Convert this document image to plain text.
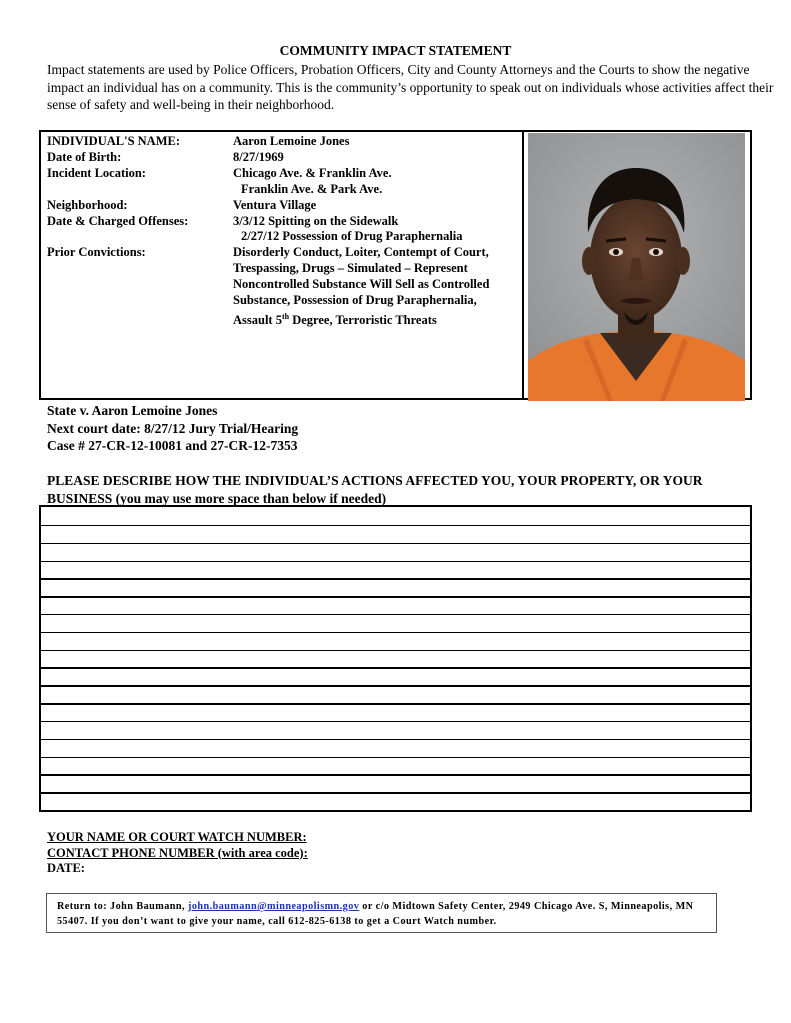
COMMUNITY IMPACT STATEMENT
Impact statements are used by Police Officers, Probation Officers, City and County Attorneys and the Courts to show the negative impact an individual has on a community. This is the community’s opportunity to speak out on individuals whose activities affect their sense of safety and well-being in their neighborhood.
INDIVIDUAL'S NAME:	Aaron Lemoine Jones
Date of Birth:	8/27/1969
Incident Location:	Chicago Ave. & Franklin Ave.
Franklin Ave. & Park Ave.

Neighborhood:	Ventura Village
Date & Charged Offenses:	3/3/12 Spitting on the Sidewalk
2/27/12 Possession of Drug Paraphernalia

Prior Convictions:	Disorderly Conduct, Loiter, Contempt of Court, Trespassing, Drugs – Simulated – Represent Noncontrolled Substance Will Sell as Controlled Substance, Possession of Drug Paraphernalia, Assault 5th Degree, Terroristic Threats
State v. Aaron Lemoine Jones
Next court date: 8/27/12 Jury Trial/Hearing
Case # 27-CR-12-10081 and 27-CR-12-7353
PLEASE DESCRIBE HOW THE INDIVIDUAL’S ACTIONS AFFECTED YOU, YOUR PROPERTY, OR YOUR BUSINESS (you may use more space than below if needed)
YOUR NAME OR COURT WATCH NUMBER:
CONTACT PHONE NUMBER (with area code):
DATE:
Return to: John Baumann, john.baumann@minneapolismn.gov or c/o Midtown Safety Center, 2949 Chicago Ave. S, Minneapolis, MN 55407. If you don’t want to give your name, call 612-825-6138 to get a Court Watch number.
